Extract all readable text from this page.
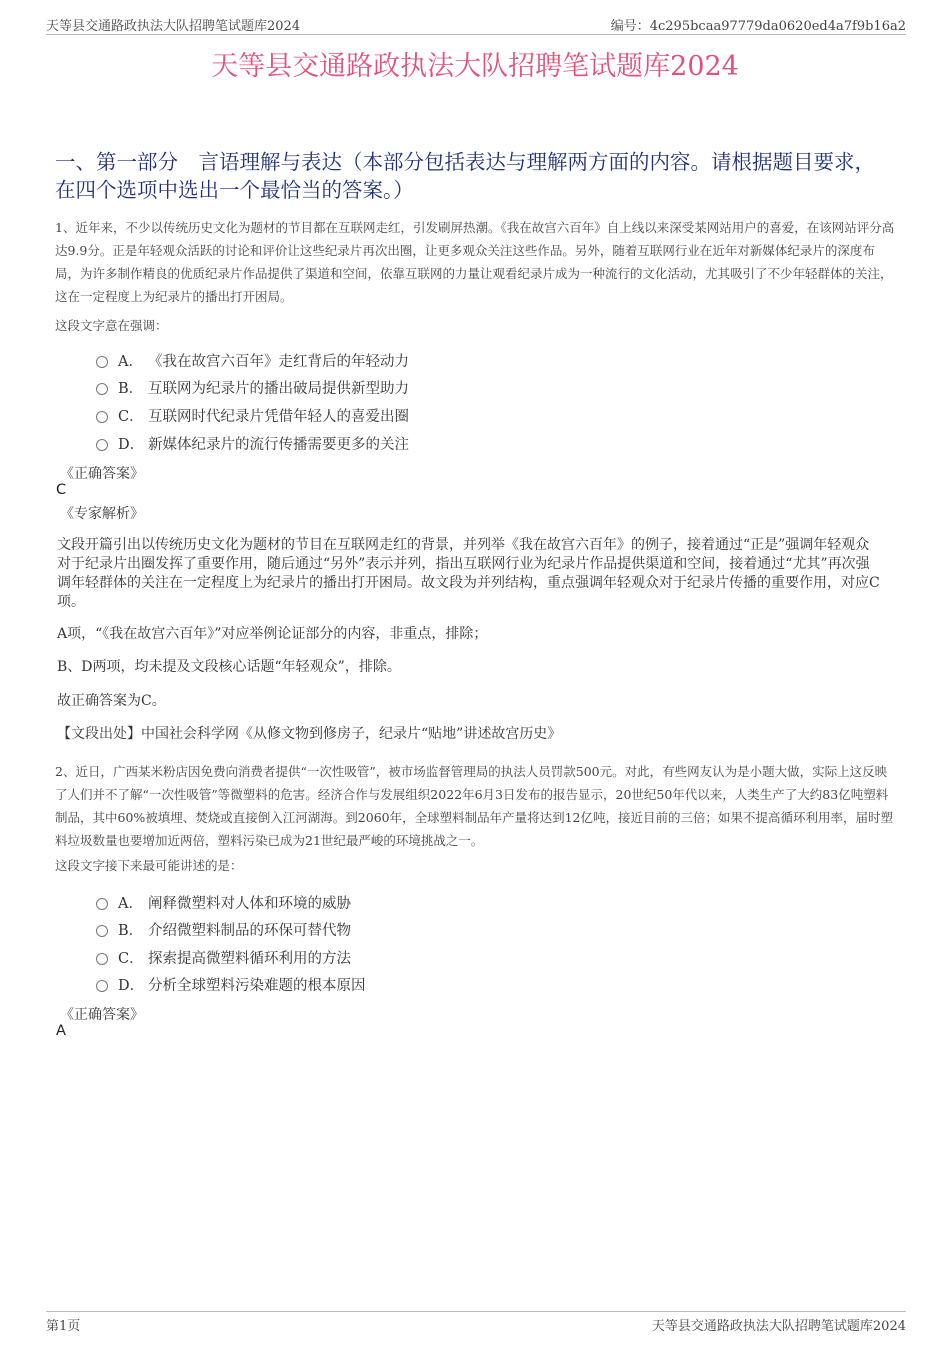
天等县交通路政执法大队招聘笔试题库2024	编号：4c295bcaa97779da0620ed4a7f9b16a2
天等县交通路政执法大队招聘笔试题库2024
一、第一部分　言语理解与表达（本部分包括表达与理解两方面的内容。请根据题目要求，在四个选项中选出一个最恰当的答案。）
1、近年来，不少以传统历史文化为题材的节目都在互联网走红，引发刷屏热潮。《我在故宫六百年》自上线以来深受某网站用户的喜爱，在该网站评分高达9.9分。正是年轻观众活跃的讨论和评价让这些纪录片再次出圈，让更多观众关注这些作品。另外，随着互联网行业在近年对新媒体纪录片的深度布局，为许多制作精良的优质纪录片作品提供了渠道和空间，依靠互联网的力量让观看纪录片成为一种流行的文化活动，尤其吸引了不少年轻群体的关注，这在一定程度上为纪录片的播出打开困局。
这段文字意在强调：
A． 《我在故宫六百年》走红背后的年轻动力
B． 互联网为纪录片的播出破局提供新型助力
C． 互联网时代纪录片凭借年轻人的喜爱出圈
D． 新媒体纪录片的流行传播需要更多的关注
《正确答案》
C
《专家解析》
文段开篇引出以传统历史文化为题材的节目在互联网走红的背景，并列举《我在故宫六百年》的例子，接着通过“正是”强调年轻观众对于纪录片出圈发挥了重要作用，随后通过“另外”表示并列，指出互联网行业为纪录片作品提供渠道和空间，接着通过“尤其”再次强调年轻群体的关注在一定程度上为纪录片的播出打开困局。故文段为并列结构，重点强调年轻观众对于纪录片传播的重要作用，对应C项。
A项，“《我在故宫六百年》”对应举例论证部分的内容，非重点，排除；
B、D两项，均未提及文段核心话题“年轻观众”，排除。
故正确答案为C。
【文段出处】中国社会科学网《从修文物到修房子，纪录片“贴地”讲述故宫历史》
2、近日，广西某米粉店因免费向消费者提供“一次性吸管”，被市场监督管理局的执法人员罚款500元。对此，有些网友认为是小题大做，实际上这反映了人们并不了解“一次性吸管”等微塑料的危害。经济合作与发展组织2022年6月3日发布的报告显示，20世纪50年代以来，人类生产了大约83亿吨塑料制品，其中60%被填埋、焚烧或直接倒入江河湖海。到2060年，全球塑料制品年产量将达到12亿吨，接近目前的三倍；如果不提高循环利用率，届时塑料垃圾数量也要增加近两倍，塑料污染已成为21世纪最严峻的环境挑战之一。
这段文字接下来最可能讲述的是：
A． 阐释微塑料对人体和环境的威胁
B． 介绍微塑料制品的环保可替代物
C． 探索提高微塑料循环利用的方法
D． 分析全球塑料污染难题的根本原因
《正确答案》
A
第1页	天等县交通路政执法大队招聘笔试题库2024
